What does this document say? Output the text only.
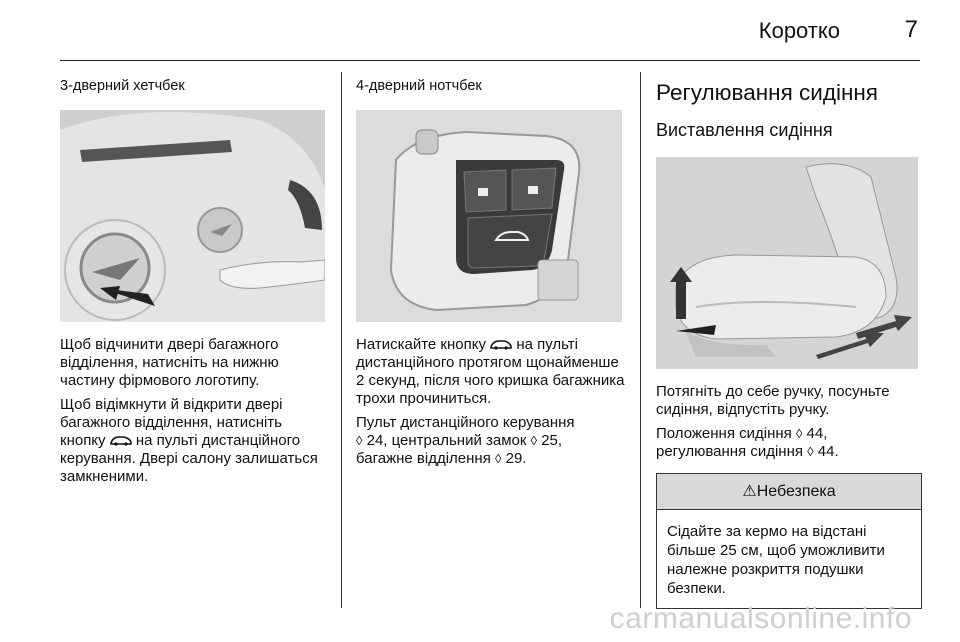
Коротко	7
3-дверний хетчбек

Щоб відчинити двері багажного відділення, натисніть на нижню частину фірмового логотипу.

Щоб відімкнути й відкрити двері багажного відділення, натисніть кнопку на пульті дистанційного керування. Двері салону залишаться замкненими.

4-дверний нотчбек

Натискайте кнопку на пульті дистанційного протягом щонайменше 2 секунд, після чого кришка багажника трохи прочиниться.

Пульт дистанційного керування
◊ 24, центральний замок ◊ 25,
багажне відділення ◊ 29.

Регулювання сидіння
Виставлення сидіння

Потягніть до себе ручку, посуньте сидіння, відпустіть ручку.

Положення сидіння ◊ 44,
регулювання сидіння ◊ 44.

⚠Небезпека

Сідайте за кермо на відстані більше 25 см, щоб уможливити належне розкриття подушки безпеки.

carmanualsonline.info
